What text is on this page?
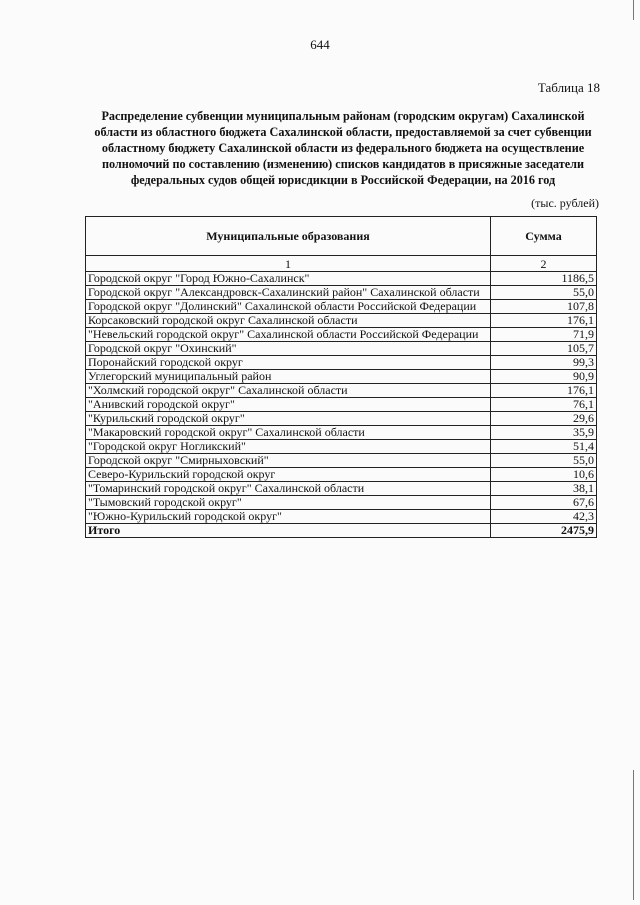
644
Таблица 18
Распределение субвенции муниципальным районам (городским округам) Сахалинской области из областного бюджета Сахалинской области, предоставляемой за счет субвенции областному бюджету Сахалинской области из федерального бюджета на осуществление полномочий по составлению (изменению) списков кандидатов в присяжные заседатели федеральных судов общей юрисдикции в Российской Федерации, на 2016 год
(тыс. рублей)
Муниципальные образования	Сумма
1	2
Городской округ "Город Южно-Сахалинск"	1186,5
Городской округ "Александровск-Сахалинский район" Сахалинской области	55,0
Городской округ "Долинский" Сахалинской области Российской Федерации	107,8
Корсаковский городской округ Сахалинской области	176,1
"Невельский городской округ" Сахалинской области Российской Федерации	71,9
Городской округ "Охинский"	105,7
Поронайский городской округ	99,3
Углегорский муниципальный район	90,9
"Холмский городской округ" Сахалинской области	176,1
"Анивский городской округ"	76,1
"Курильский городской округ"	29,6
"Макаровский городской округ" Сахалинской области	35,9
"Городской округ Ногликский"	51,4
Городской округ "Смирныховский"	55,0
Северо-Курильский городской округ	10,6
"Томаринский городской округ" Сахалинской области	38,1
"Тымовский городской округ"	67,6
"Южно-Курильский городской округ"	42,3
Итого	2475,9
